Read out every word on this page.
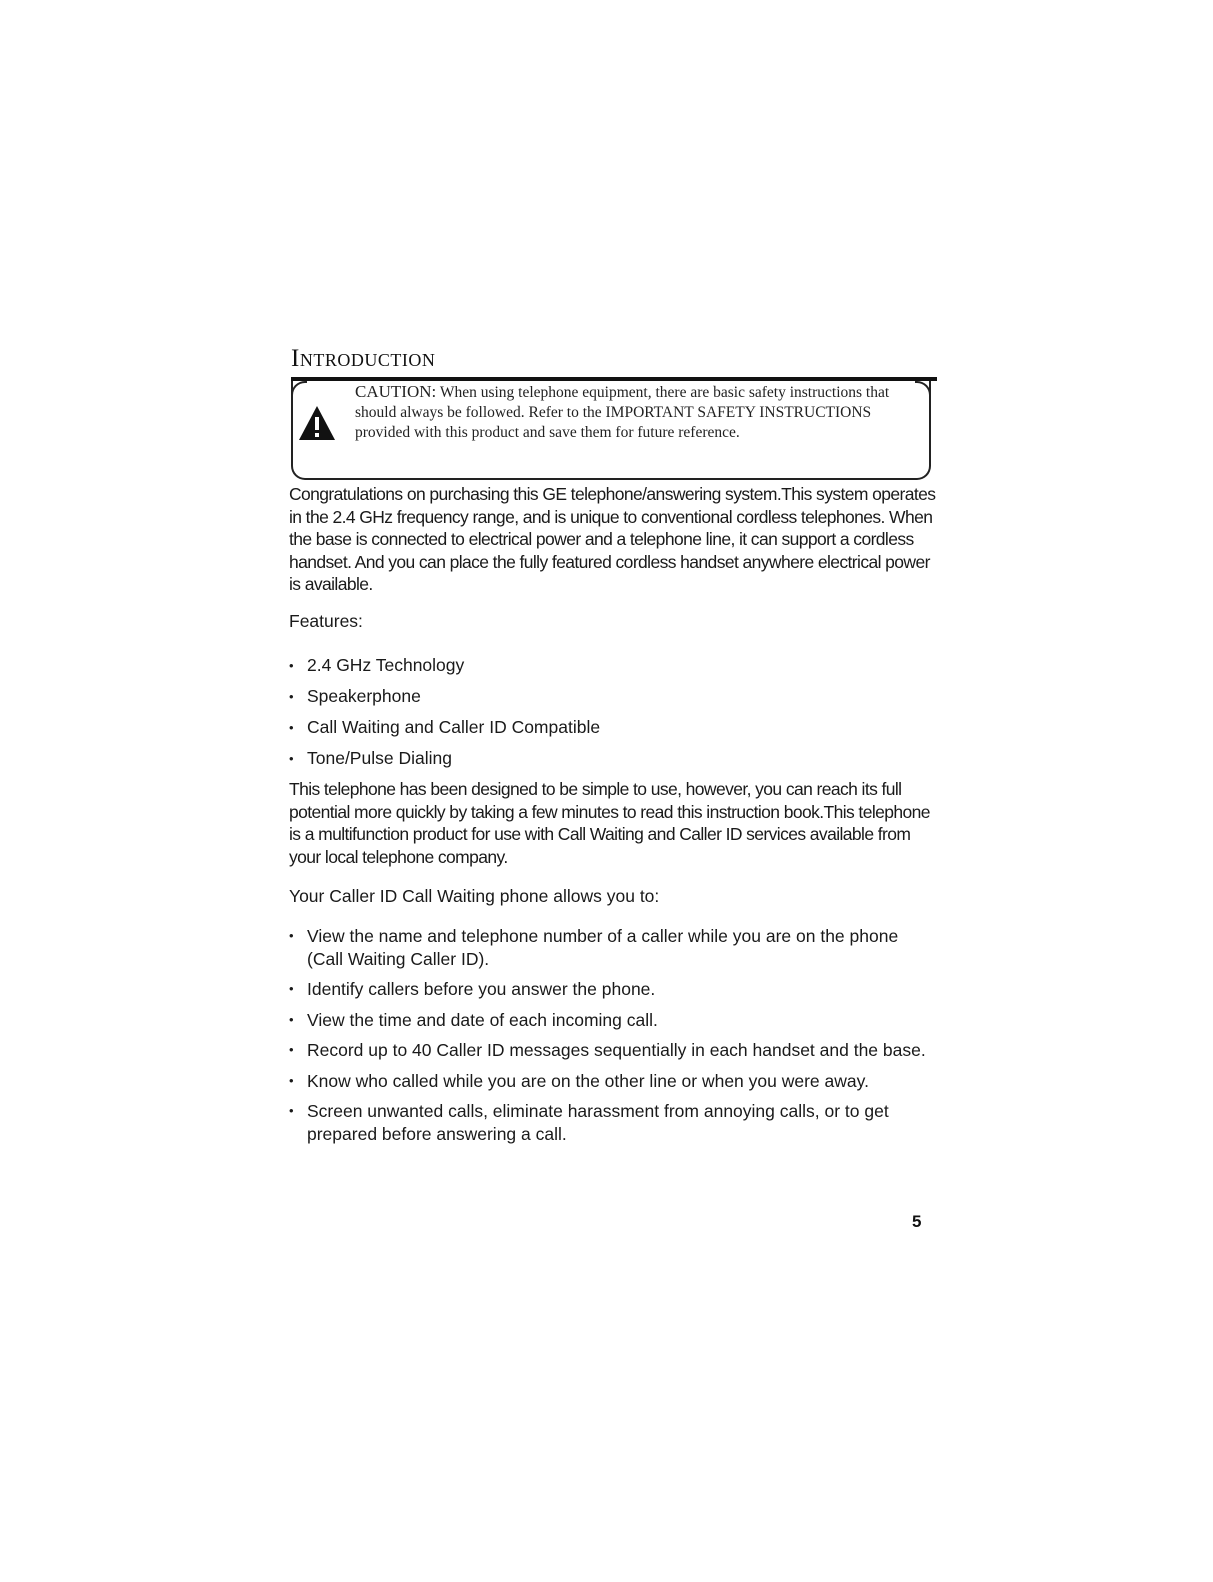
Introduction
CAUTION: When using telephone equipment, there are basic safety instructions that should always be followed. Refer to the IMPORTANT SAFETY INSTRUCTIONS provided with this product and save them for future reference.

Congratulations on purchasing this GE telephone/answering system.This system operates in the 2.4 GHz frequency range, and is unique to conventional cordless telephones. When the base is connected to electrical power and a telephone line, it can support a cordless handset. And you can place the fully featured cordless handset anywhere electrical power is available.

Features:

• 2.4 GHz Technology
• Speakerphone
• Call Waiting and Caller ID Compatible
• Tone/Pulse Dialing

This telephone has been designed to be simple to use, however, you can reach its full potential more quickly by taking a few minutes to read this instruction book.This telephone is a multifunction product for use with Call Waiting and Caller ID services available from your local telephone company.

Your Caller ID Call Waiting phone allows you to:

• View the name and telephone number of a caller while you are on the phone (Call Waiting Caller ID).
• Identify callers before you answer the phone.
• View the time and date of each incoming call.
• Record up to 40 Caller ID messages sequentially in each handset and the base.
• Know who called while you are on the other line or when you were away.
• Screen unwanted calls, eliminate harassment from annoying calls, or to get prepared before answering a call.
5
